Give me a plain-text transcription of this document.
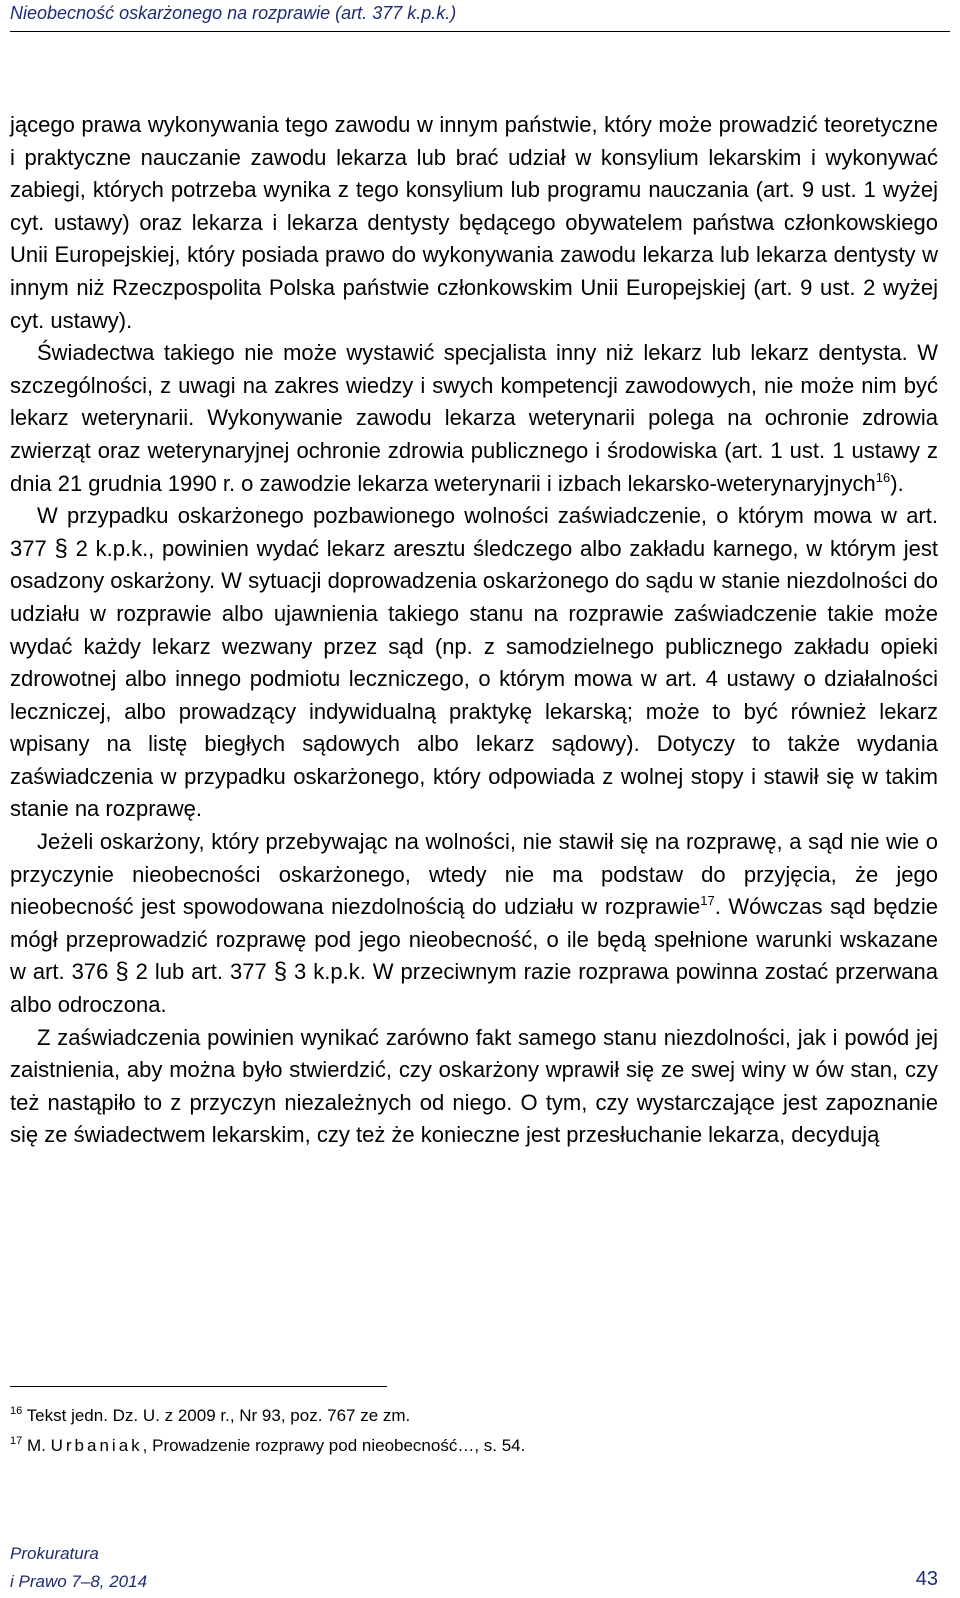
Nieobecność oskarżonego na rozprawie (art. 377 k.p.k.)

jącego prawa wykonywania tego zawodu w innym państwie, który może prowadzić teoretyczne i praktyczne nauczanie zawodu lekarza lub brać udział w konsylium lekarskim i wykonywać zabiegi, których potrzeba wynika z tego konsylium lub programu nauczania (art. 9 ust. 1 wyżej cyt. ustawy) oraz lekarza i lekarza dentysty będącego obywatelem państwa członkowskiego Unii Europejskiej, który posiada prawo do wykonywania zawodu lekarza lub lekarza dentysty w innym niż Rzeczpospolita Polska państwie członkowskim Unii Europejskiej (art. 9 ust. 2 wyżej cyt. ustawy).

Świadectwa takiego nie może wystawić specjalista inny niż lekarz lub lekarz dentysta. W szczególności, z uwagi na zakres wiedzy i swych kompetencji zawodowych, nie może nim być lekarz weterynarii. Wykonywanie zawodu lekarza weterynarii polega na ochronie zdrowia zwierząt oraz weterynaryjnej ochronie zdrowia publicznego i środowiska (art. 1 ust. 1 ustawy z dnia 21 grudnia 1990 r. o zawodzie lekarza weterynarii i izbach lekarsko-weterynaryjnych$^{16}$).

W przypadku oskarżonego pozbawionego wolności zaświadczenie, o którym mowa w art. 377 § 2 k.p.k., powinien wydać lekarz aresztu śledczego albo zakładu karnego, w którym jest osadzony oskarżony. W sytuacji doprowadzenia oskarżonego do sądu w stanie niezdolności do udziału w rozprawie albo ujawnienia takiego stanu na rozprawie zaświadczenie takie może wydać każdy lekarz wezwany przez sąd (np. z samodzielnego publicznego zakładu opieki zdrowotnej albo innego podmiotu leczniczego, o którym mowa w art. 4 ustawy o działalności leczniczej, albo prowadzący indywidualną praktykę lekarską; może to być również lekarz wpisany na listę biegłych sądowych albo lekarz sądowy). Dotyczy to także wydania zaświadczenia w przypadku oskarżonego, który odpowiada z wolnej stopy i stawił się w takim stanie na rozprawę.

Jeżeli oskarżony, który przebywając na wolności, nie stawił się na rozprawę, a sąd nie wie o przyczynie nieobecności oskarżonego, wtedy nie ma podstaw do przyjęcia, że jego nieobecność jest spowodowana niezdolnością do udziału w rozprawie$^{17}$. Wówczas sąd będzie mógł przeprowadzić rozprawę pod jego nieobecność, o ile będą spełnione warunki wskazane w art. 376 § 2 lub art. 377 § 3 k.p.k. W przeciwnym razie rozprawa powinna zostać przerwana albo odroczona.

Z zaświadczenia powinien wynikać zarówno fakt samego stanu niezdolności, jak i powód jej zaistnienia, aby można było stwierdzić, czy oskarżony wprawił się ze swej winy w ów stan, czy też nastąpiło to z przyczyn niezależnych od niego. O tym, czy wystarczające jest zapoznanie się ze świadectwem lekarskim, czy też że konieczne jest przesłuchanie lekarza, decydują

$^{16}$ Tekst jedn. Dz. U. z 2009 r., Nr 93, poz. 767 ze zm.
$^{17}$ M. Urbaniak, Prowadzenie rozprawy pod nieobecność…, s. 54.
Prokuratura
i Prawo 7–8, 2014	43
